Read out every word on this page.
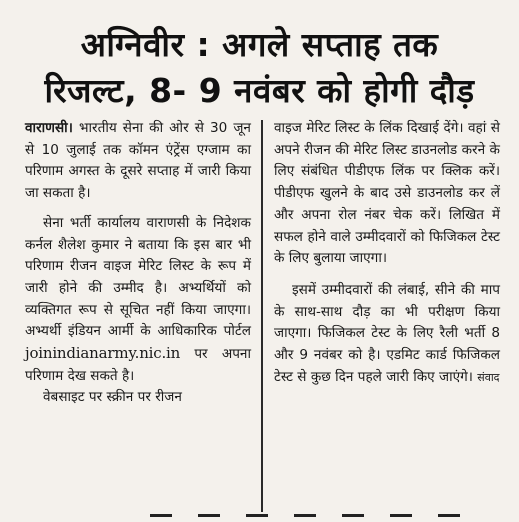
अग्निवीर : अगले सप्ताह तक
रिजल्ट, 8- 9 नवंबर को होगी दौड़

वाराणसी। भारतीय सेना की ओर से 30 जून से 10 जुलाई तक कॉमन एंट्रेंस एग्जाम का परिणाम अगस्त के दूसरे सप्ताह में जारी किया जा सकता है।

सेना भर्ती कार्यालय वाराणसी के निदेशक कर्नल शैलेश कुमार ने बताया कि इस बार भी परिणाम रीजन वाइज मेरिट लिस्ट के रूप में जारी होने की उम्मीद है। अभ्यर्थियों को व्यक्तिगत रूप से सूचित नहीं किया जाएगा। अभ्यर्थी इंडियन आर्मी के आधिकारिक पोर्टल joinindianarmy.nic.in पर अपना परिणाम देख सकते है।

वेबसाइट पर स्क्रीन पर रीजन

वाइज मेरिट लिस्ट के लिंक दिखाई देंगे। वहां से अपने रीजन की मेरिट लिस्ट डाउनलोड करने के लिए संबंधित पीडीएफ लिंक पर क्लिक करें। पीडीएफ खुलने के बाद उसे डाउनलोड कर लें और अपना रोल नंबर चेक करें। लिखित में सफल होने वाले उम्मीदवारों को फिजिकल टेस्ट के लिए बुलाया जाएगा।

इसमें उम्मीदवारों की लंबाई, सीने की माप के साथ-साथ दौड़ का भी परीक्षण किया जाएगा। फिजिकल टेस्ट के लिए रैली भर्ती 8 और 9 नवंबर को है। एडमिट कार्ड फिजिकल टेस्ट से कुछ दिन पहले जारी किए जाएंगे। संवाद
